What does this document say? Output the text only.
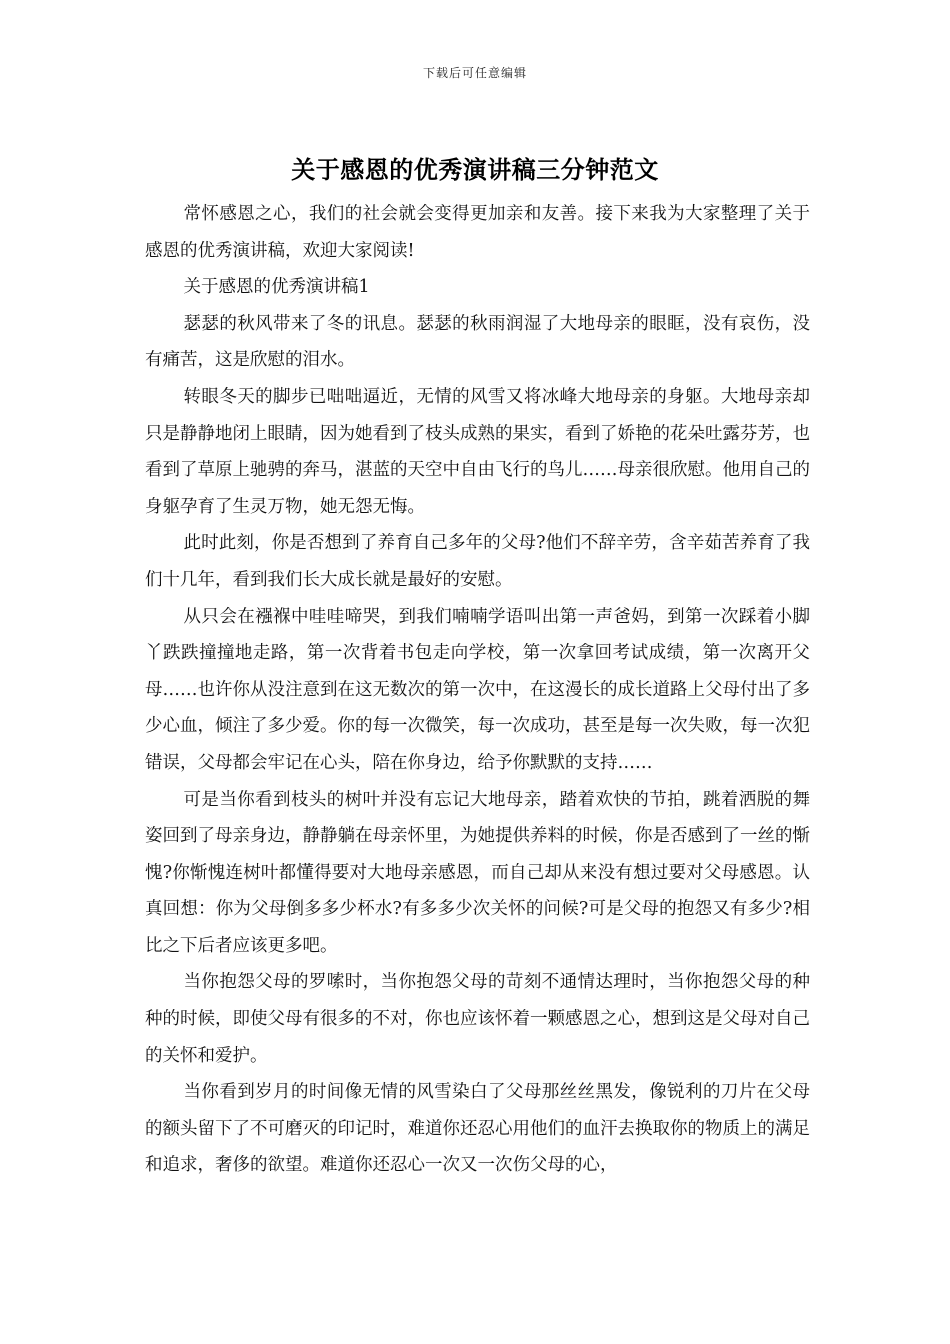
下载后可任意编辑
关于感恩的优秀演讲稿三分钟范文

常怀感恩之心，我们的社会就会变得更加亲和友善。接下来我为大家整理了关于感恩的优秀演讲稿，欢迎大家阅读!

关于感恩的优秀演讲稿1

瑟瑟的秋风带来了冬的讯息。瑟瑟的秋雨润湿了大地母亲的眼眶，没有哀伤，没有痛苦，这是欣慰的泪水。

转眼冬天的脚步已咄咄逼近，无情的风雪又将冰峰大地母亲的身躯。大地母亲却只是静静地闭上眼睛，因为她看到了枝头成熟的果实，看到了娇艳的花朵吐露芬芳，也看到了草原上驰骋的奔马，湛蓝的天空中自由飞行的鸟儿……母亲很欣慰。他用自己的身躯孕育了生灵万物，她无怨无悔。

此时此刻，你是否想到了养育自己多年的父母?他们不辞辛劳，含辛茹苦养育了我们十几年，看到我们长大成长就是最好的安慰。

从只会在襁褓中哇哇啼哭，到我们喃喃学语叫出第一声爸妈，到第一次踩着小脚丫跌跌撞撞地走路，第一次背着书包走向学校，第一次拿回考试成绩，第一次离开父母……也许你从没注意到在这无数次的第一次中，在这漫长的成长道路上父母付出了多少心血，倾注了多少爱。你的每一次微笑，每一次成功，甚至是每一次失败，每一次犯错误，父母都会牢记在心头，陪在你身边，给予你默默的支持……

可是当你看到枝头的树叶并没有忘记大地母亲，踏着欢快的节拍，跳着洒脱的舞姿回到了母亲身边，静静躺在母亲怀里，为她提供养料的时候，你是否感到了一丝的惭愧?你惭愧连树叶都懂得要对大地母亲感恩，而自己却从来没有想过要对父母感恩。认真回想：你为父母倒多多少杯水?有多多少次关怀的问候?可是父母的抱怨又有多少?相比之下后者应该更多吧。

当你抱怨父母的罗嗦时，当你抱怨父母的苛刻不通情达理时，当你抱怨父母的种种的时候，即使父母有很多的不对，你也应该怀着一颗感恩之心，想到这是父母对自己的关怀和爱护。

当你看到岁月的时间像无情的风雪染白了父母那丝丝黑发，像锐利的刀片在父母的额头留下了不可磨灭的印记时，难道你还忍心用他们的血汗去换取你的物质上的满足和追求，奢侈的欲望。难道你还忍心一次又一次伤父母的心，
